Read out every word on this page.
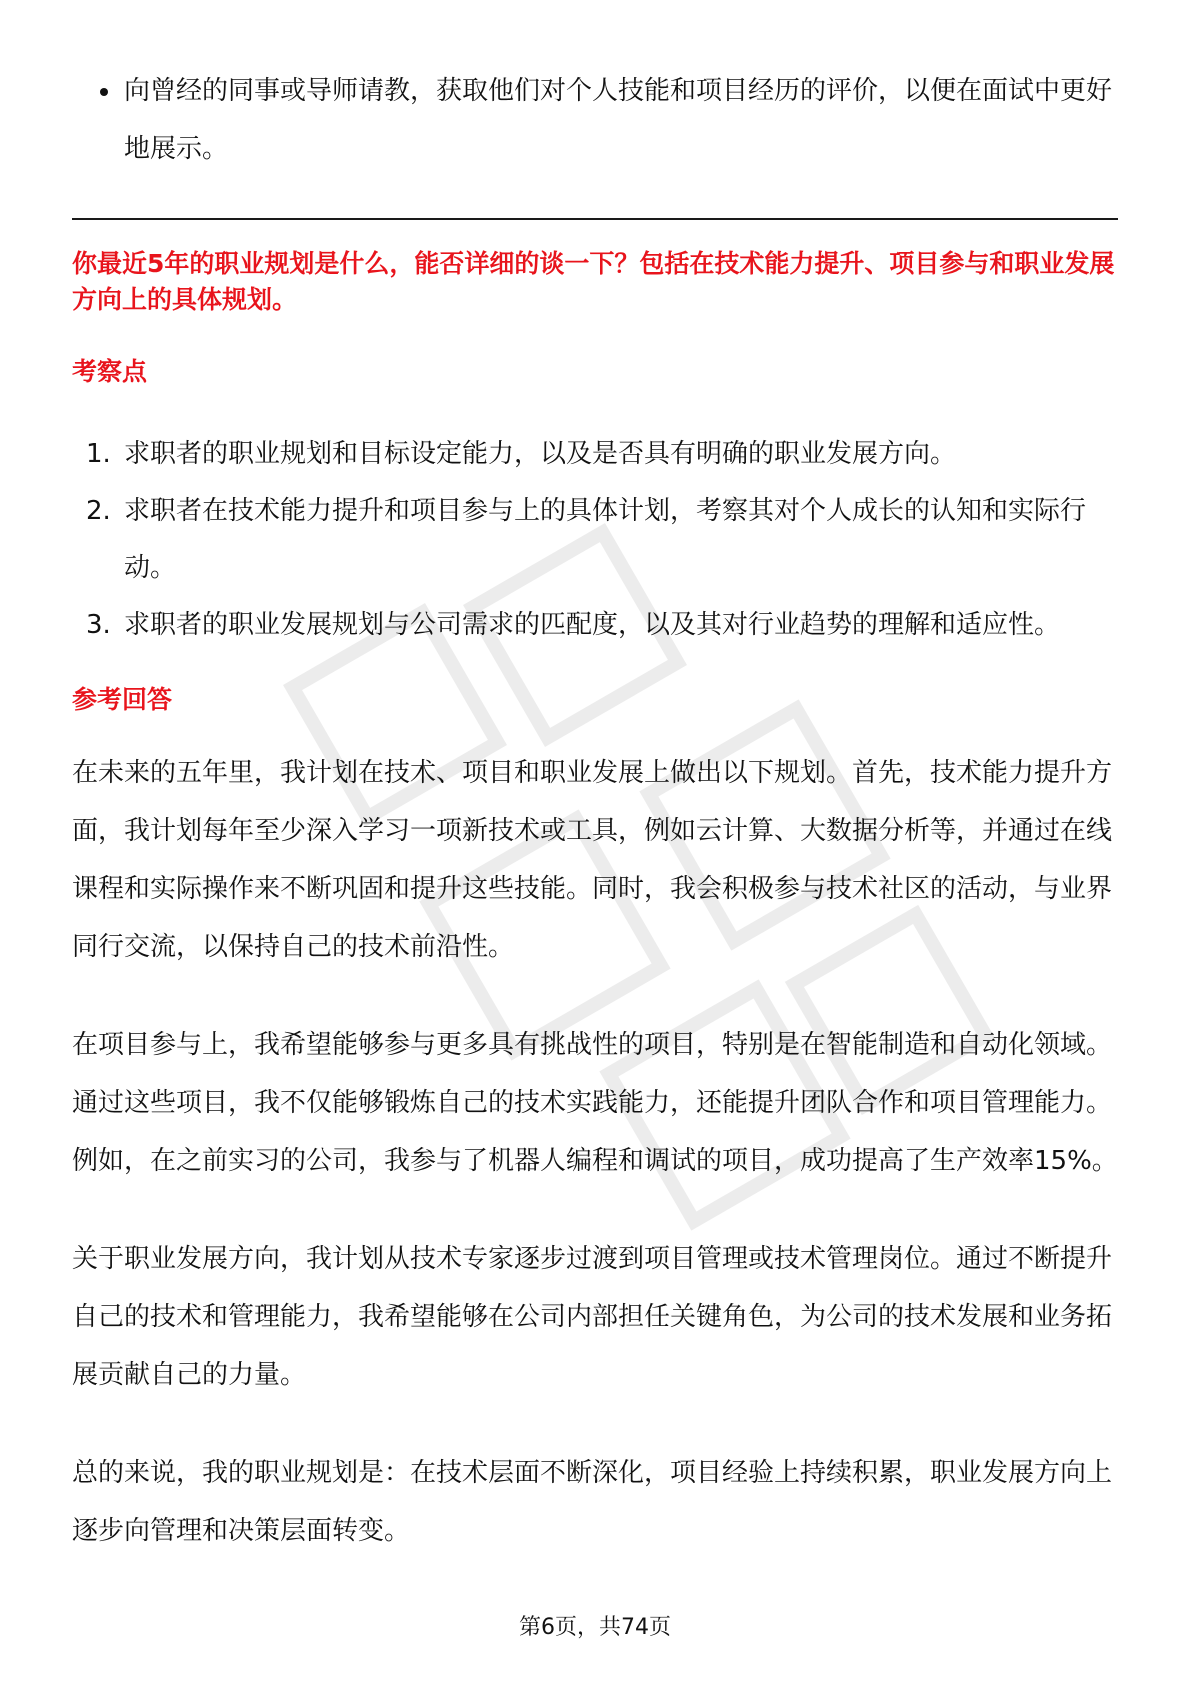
向曾经的同事或导师请教，获取他们对个人技能和项目经历的评价，以便在面试中更好地展示。
你最近5年的职业规划是什么，能否详细的谈一下？包括在技术能力提升、项目参与和职业发展方向上的具体规划。
考察点
1. 求职者的职业规划和目标设定能力，以及是否具有明确的职业发展方向。
2. 求职者在技术能力提升和项目参与上的具体计划，考察其对个人成长的认知和实际行动。
3. 求职者的职业发展规划与公司需求的匹配度，以及其对行业趋势的理解和适应性。
参考回答

在未来的五年里，我计划在技术、项目和职业发展上做出以下规划。首先，技术能力提升方面，我计划每年至少深入学习一项新技术或工具，例如云计算、大数据分析等，并通过在线课程和实际操作来不断巩固和提升这些技能。同时，我会积极参与技术社区的活动，与业界同行交流，以保持自己的技术前沿性。

在项目参与上，我希望能够参与更多具有挑战性的项目，特别是在智能制造和自动化领域。通过这些项目，我不仅能够锻炼自己的技术实践能力，还能提升团队合作和项目管理能力。例如，在之前实习的公司，我参与了机器人编程和调试的项目，成功提高了生产效率15%。

关于职业发展方向，我计划从技术专家逐步过渡到项目管理或技术管理岗位。通过不断提升自己的技术和管理能力，我希望能够在公司内部担任关键角色，为公司的技术发展和业务拓展贡献自己的力量。

总的来说，我的职业规划是：在技术层面不断深化，项目经验上持续积累，职业发展方向上逐步向管理和决策层面转变。

第6页，共74页
